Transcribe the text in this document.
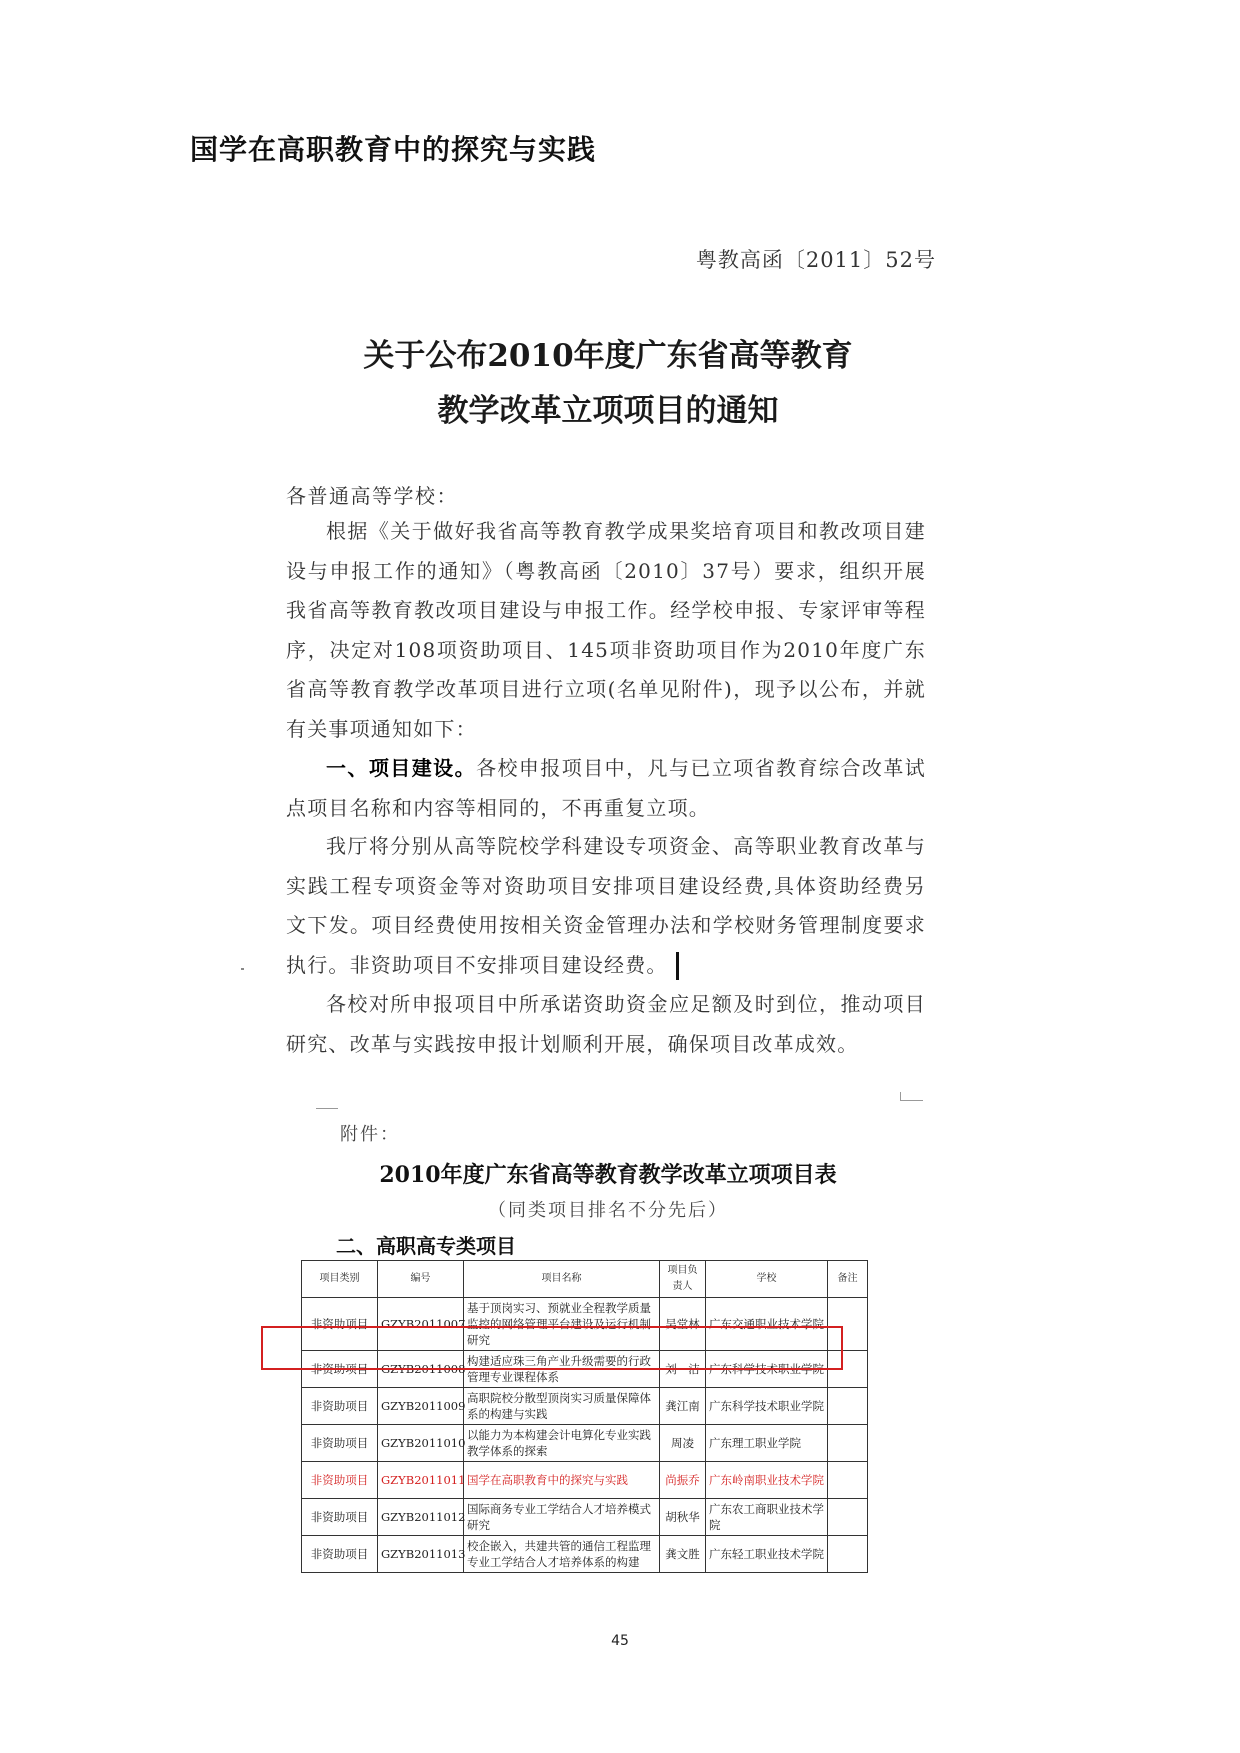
国学在高职教育中的探究与实践
粤教高函〔2011〕52号
关于公布2010年度广东省高等教育
教学改革立项项目的通知
各普通高等学校：

根据《关于做好我省高等教育教学成果奖培育项目和教改项目建设与申报工作的通知》（粤教高函〔2010〕37号）要求，组织开展我省高等教育教改项目建设与申报工作。经学校申报、专家评审等程序，决定对108项资助项目、145项非资助项目作为2010年度广东省高等教育教学改革项目进行立项(名单见附件)，现予以公布，并就有关事项通知如下：

一、项目建设。各校申报项目中，凡与已立项省教育综合改革试点项目名称和内容等相同的，不再重复立项。

我厅将分别从高等院校学科建设专项资金、高等职业教育改革与实践工程专项资金等对资助项目安排项目建设经费,具体资助经费另文下发。项目经费使用按相关资金管理办法和学校财务管理制度要求执行。非资助项目不安排项目建设经费。

各校对所申报项目中所承诺资助资金应足额及时到位，推动项目研究、改革与实践按申报计划顺利开展，确保项目改革成效。

附件：
2010年度广东省高等教育教学改革立项项目表
（同类项目排名不分先后）
二、高职高专类项目
项目类别	编号	项目名称	项目负责人	学校	备注
非资助项目	GZYB2011007	基于顶岗实习、预就业全程教学质量监控的网络管理平台建设及运行机制研究	吴堂林	广东交通职业技术学院	
非资助项目	GZYB2011008	构建适应珠三角产业升级需要的行政管理专业课程体系	刘　洁	广东科学技术职业学院	
非资助项目	GZYB2011009	高职院校分散型顶岗实习质量保障体系的构建与实践	龚江南	广东科学技术职业学院	
非资助项目	GZYB2011010	以能力为本构建会计电算化专业实践教学体系的探索	周凌	广东理工职业学院	
非资助项目	GZYB2011011	国学在高职教育中的探究与实践	尚振乔	广东岭南职业技术学院	
非资助项目	GZYB2011012	国际商务专业工学结合人才培养模式研究	胡秋华	广东农工商职业技术学院	
非资助项目	GZYB2011013	校企嵌入，共建共管的通信工程监理专业工学结合人才培养体系的构建	龚文胜	广东轻工职业技术学院	
45
